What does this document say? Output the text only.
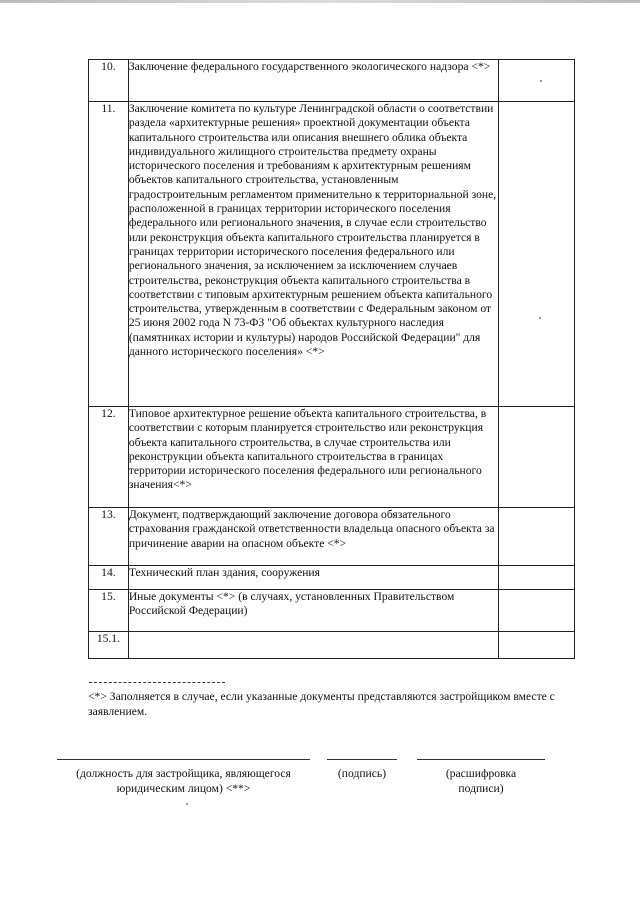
10.	Заключение федерального государственного экологического надзора <*>	
11.	Заключение комитета по культуре Ленинградской области о соответствии раздела «архитектурные решения» проектной документации объекта капитального строительства или описания внешнего облика объекта индивидуального жилищного строительства предмету охраны исторического поселения и требованиям к архитектурным решениям объектов капитального строительства, установленным градостроительным регламентом применительно к территориальной зоне, расположенной в границах территории исторического поселения федерального или регионального значения, в случае если строительство или реконструкция объекта капитального строительства планируется в границах территории исторического поселения федерального или регионального значения, за исключением за исключением случаев строительства, реконструкция объекта капитального строительства в соответствии с типовым архитектурным решением объекта капитального строительства, утвержденным в соответствии с Федеральным законом от 25 июня 2002 года N 73-ФЗ "Об объектах культурного наследия (памятниках истории и культуры) народов Российской Федерации" для данного исторического поселения» <*>	
12.	Типовое архитектурное решение объекта капитального строительства, в соответствии с которым планируется строительство или реконструкция объекта капитального строительства, в случае строительства или реконструкции объекта капитального строительства в границах территории исторического поселения федерального или регионального значения<*>	
13.	Документ, подтверждающий заключение договора обязательного страхования гражданской ответственности владельца опасного объекта за причинение аварии на опасном объекте <*>	
14.	Технический план здания, сооружения	
15.	Иные документы <*> (в случаях, установленных Правительством Российской Федерации)	
15.1.		
<*> Заполняется в случае, если указанные документы представляются застройщиком вместе с заявлением.
(должность для застройщика, являющегося юридическим лицом) <**>
(подпись)	(расшифровка подписи)
